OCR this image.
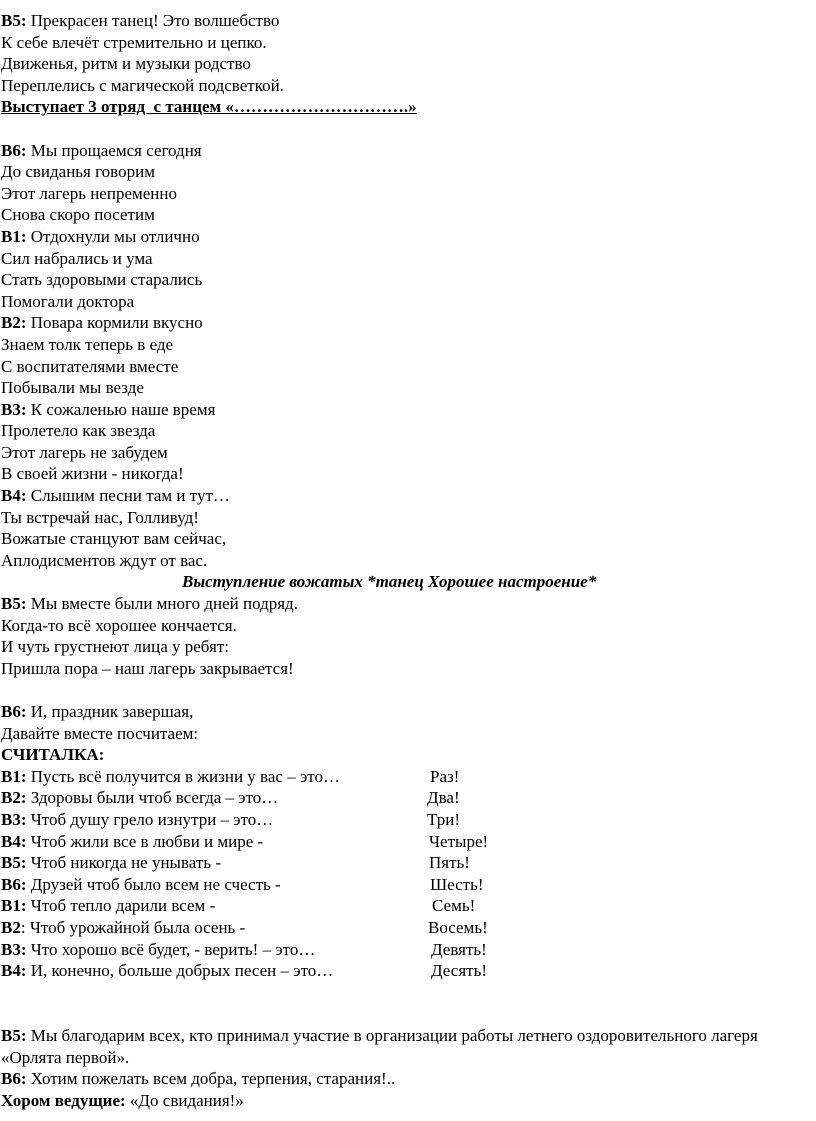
В5: Прекрасен танец! Это волшебство
К себе влечёт стремительно и цепко.
Движенья, ритм и музыки родство
Переплелись с магической подсветкой.
Выступает 3 отряд  с танцем «………………………….»
В6: Мы прощаемся сегодня
До свиданья говорим
Этот лагерь непременно
Снова скоро посетим
В1: Отдохнули мы отлично
Сил набрались и ума
Стать здоровыми старались
Помогали доктора
В2: Повара кормили вкусно
Знаем толк теперь в еде
С воспитателями вместе
Побывали мы везде
В3: К сожаленью наше время
Пролетело как звезда
Этот лагерь не забудем
В своей жизни - никогда!
В4: Слышим песни там и тут…
Ты встречай нас, Голливуд!
Вожатые станцуют вам сейчас,
Аплодисментов ждут от вас.
Выступление вожатых *танец Хорошее настроение*
В5: Мы вместе были много дней подряд.
Когда-то всё хорошее кончается.
И чуть грустнеют лица у ребят:
Пришла пора – наш лагерь закрывается!
В6: И, праздник завершая,
Давайте вместе посчитаем:
СЧИТАЛКА:
В1: Пусть всё получится в жизни у вас – это…	Раз!
В2: Здоровы были чтоб всегда – это…	Два!
В3: Чтоб душу грело изнутри – это…	Три!
В4: Чтоб жили все в любви и мире -	Четыре!
В5: Чтоб никогда не унывать -	Пять!
В6: Друзей чтоб было всем не счесть -	Шесть!
В1: Чтоб тепло дарили всем -	Семь!
В2: Чтоб урожайной была осень -	Восемь!
В3: Что хорошо всё будет, - верить! – это…	Девять!
В4: И, конечно, больше добрых песен – это…	Десять!
В5: Мы благодарим всех, кто принимал участие в организации работы летнего оздоровительного лагеря «Орлята первой».
В6: Хотим пожелать всем добра, терпения, старания!..
Хором ведущие: «До свидания!»
